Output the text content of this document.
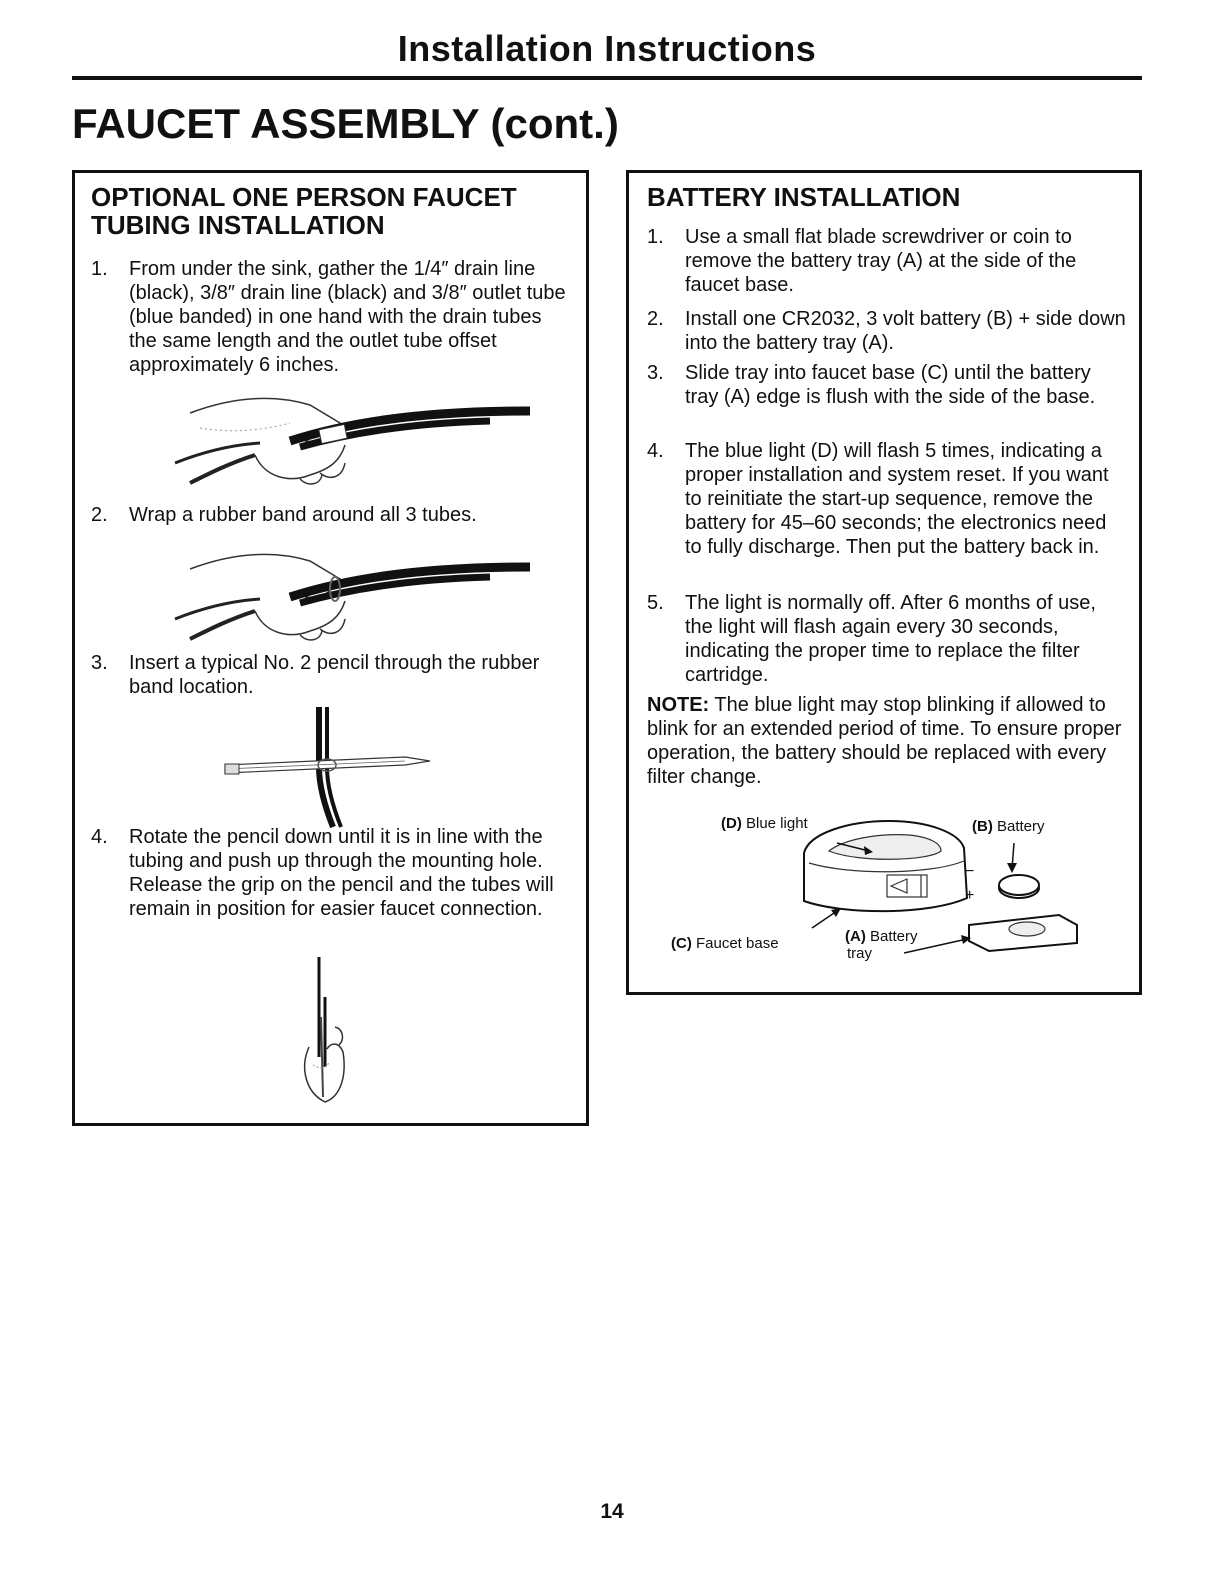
Installation Instructions
FAUCET ASSEMBLY (cont.)
OPTIONAL ONE PERSON FAUCET TUBING INSTALLATION
1.	From under the sink, gather the 1/4″ drain line (black), 3/8″ drain line (black) and 3/8″ outlet tube (blue banded) in one hand with the drain tubes the same length and the outlet tube offset approximately 6 inches.
2.	Wrap a rubber band around all 3 tubes.
3.	Insert a typical No. 2 pencil through the rubber band location.
4.	Rotate the pencil down until it is in line with the tubing and push up through the mounting hole. Release the grip on the pencil and the tubes will remain in position for easier faucet connection.
BATTERY INSTALLATION
1.	Use a small flat blade screwdriver or coin to remove the battery tray (A) at the side of the faucet base.
2.	Install one CR2032, 3 volt battery (B) + side down into the battery tray (A).
3.	Slide tray into faucet base (C) until the battery tray (A) edge is flush with the side of the base.
4.	The blue light (D) will flash 5 times, indicating a proper installation and system reset. If you want to reinitiate the start-up sequence, remove the battery for 45–60 seconds; the electronics need to fully discharge. Then put the battery back in.
5.	The light is normally off. After 6 months of use, the light will flash again every 30 seconds, indicating the proper time to replace the filter cartridge.
NOTE: The blue light may stop blinking if allowed to blink for an extended period of time. To ensure proper operation, the battery should be replaced with every filter change.
(D) Blue light	(B) Battery
−
+
(C) Faucet base	(A) Battery
tray
14
